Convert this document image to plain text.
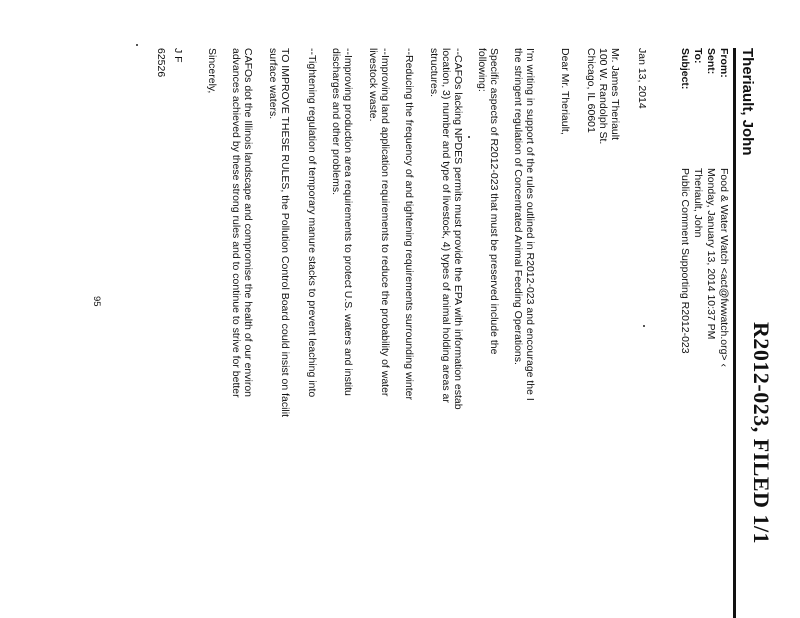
R2012-023, FILED 1/1
Theriault, John
From:
Food & Water Watch <act@fwwatch.org> ‹
Sent:
Monday, January 13, 2014 10:37 PM
To:
Theriault, John
Subject:
Public Comment Supporting R2012-023
Jan 13, 2014
Mr. James Theriault
100 W. Randolph St.
Chicago, IL 60601
Dear Mr. Theriault,
I'm writing in support of the rules outlined in R2012-023 and encourage the I
the stringent regulation of Concentrated Animal Feeding Operations.
Specific aspects of R2012-023 that must be preserved include the
following:
--CAFOs lacking NPDES permits must provide the EPA with information estab
location, 3) number and type of livestock, 4) types of animal holding areas ar
structures.
--Reducing the frequency of and tightening requirements surrounding winter
--Improving land application requirements to reduce the probability of water
livestock waste.
--Improving production area requirements to protect U.S. waters and institu
discharges and other problems.
--Tightening regulation of temporary manure stacks to prevent leaching into
TO IMPROVE THESE RULES, the Pollution Control Board could insist on facilit
surface waters.
CAFOs dot the Illinois landscape and compromise the health of our environ
advances achieved by these strong rules and to continue to strive for better
Sincerely,
J F
62526
95
